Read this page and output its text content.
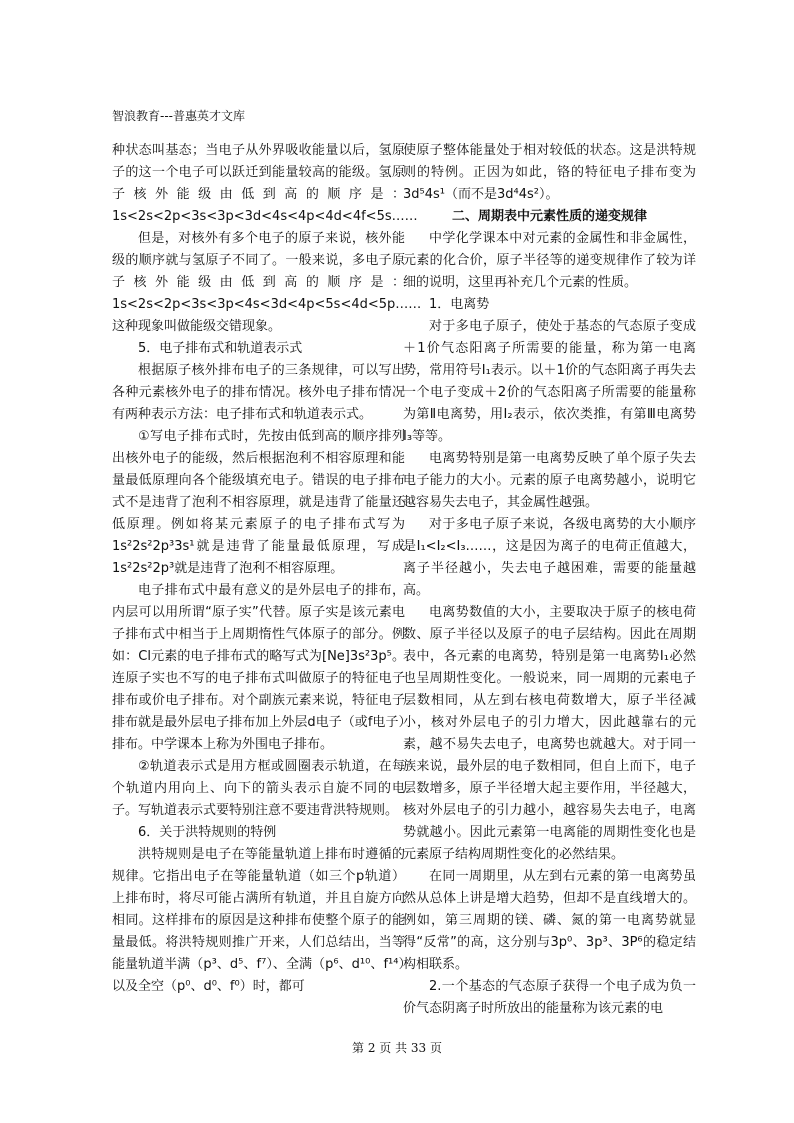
智浪教育---普惠英才文库

种状态叫基态；当电子从外界吸收能量以后，氢原子的这一个电子可以跃迁到能量较高的能级。氢原子核外能级由低到高的顺序是：1s<2s<2p<3s<3p<3d<4s<4p<4d<4f<5s……

但是，对核外有多个电子的原子来说，核外能级的顺序就与氢原子不同了。一般来说，多电子原子核外能级由低到高的顺序是：1s<2s<2p<3s<3p<4s<3d<4p<5s<4d<5p……这种现象叫做能级交错现象。

5．电子排布式和轨道表示式

根据原子核外排布电子的三条规律，可以写出各种元素核外电子的排布情况。核外电子排布情况有两种表示方法：电子排布式和轨道表示式。

①写电子排布式时，先按由低到高的顺序排列出核外电子的能级，然后根据泡利不相容原理和能量最低原理向各个能级填充电子。错误的电子排布式不是违背了泡利不相容原理，就是违背了能量还低原理。例如将某元素原子的电子排布式写为1s²2s²2p³3s¹就是违背了能量最低原理，写成1s²2s²2p³就是违背了泡利不相容原理。

电子排布式中最有意义的是外层电子的排布，内层可以用所谓“原子实”代替。原子实是该元素电子排布式中相当于上周期惰性气体原子的部分。例如：Cl元素的电子排布式的略写式为[Ne]3s²3p⁵。连原子实也不写的电子排布式叫做原子的特征电子排布或价电子排布。对个副族元素来说，特征电子排布就是最外层电子排布加上外层d电子（或f电子）排布。中学课本上称为外围电子排布。

②轨道表示式是用方框或圆圈表示轨道，在每个轨道内用向上、向下的箭头表示自旋不同的电子。写轨道表示式要特别注意不要违背洪特规则。

6．关于洪特规则的特例

洪特规则是电子在等能量轨道上排布时遵循的规律。它指出电子在等能量轨道（如三个p轨道）上排布时，将尽可能占满所有轨道，并且自旋方向相同。这样排布的原因是这种排布使整个原子的能量最低。将洪特规则推广开来，人们总结出，当等能量轨道半满（p³、d⁵、f⁷）、全满（p⁶、d¹⁰、f¹⁴）以及全空（p⁰、d⁰、f⁰）时，都可

使原子整体能量处于相对较低的状态。这是洪特规则的特例。正因为如此，铬的特征电子排布变为3d⁵4s¹（而不是3d⁴4s²）。

二、周期表中元素性质的递变规律

中学化学课本中对元素的金属性和非金属性，元素的化合价，原子半径等的递变规律作了较为详细的说明，这里再补充几个元素的性质。

1．电离势

对于多电子原子，使处于基态的气态原子变成＋1价气态阳离子所需要的能量，称为第一电离势，常用符号I₁表示。以＋1价的气态阳离子再失去一个电子变成＋2价的气态阳离子所需要的能量称为第Ⅱ电离势，用I₂表示，依次类推，有第Ⅲ电离势I₃等等。

电离势特别是第一电离势反映了单个原子失去电子能力的大小。元素的原子电离势越小，说明它越容易失去电子，其金属性越强。

对于多电子原子来说，各级电离势的大小顺序是I₁<I₂<I₃……，这是因为离子的电荷正值越大，离子半径越小，失去电子越困难，需要的能量越高。

电离势数值的大小，主要取决于原子的核电荷数、原子半径以及原子的电子层结构。因此在周期表中，各元素的电离势，特别是第一电离势I₁必然也呈周期性变化。一般说来，同一周期的元素电子层数相同，从左到右核电荷数增大，原子半径减小，核对外层电子的引力增大，因此越靠右的元素，越不易失去电子，电离势也就越大。对于同一族来说，最外层的电子数相同，但自上而下，电子层数增多，原子半径增大起主要作用，半径越大，核对外层电子的引力越小，越容易失去电子，电离势就越小。因此元素第一电离能的周期性变化也是元素原子结构周期性变化的必然结果。

在同一周期里，从左到右元素的第一电离势虽然从总体上讲是增大趋势，但却不是直线增大的。例如，第三周期的镁、磷、氮的第一电离势就显得“反常”的高，这分别与3p⁰、3p³、3P⁶的稳定结构相联系。

2.一个基态的气态原子获得一个电子成为负一价气态阴离子时所放出的能量称为该元素的电

第 2 页 共 33 页
